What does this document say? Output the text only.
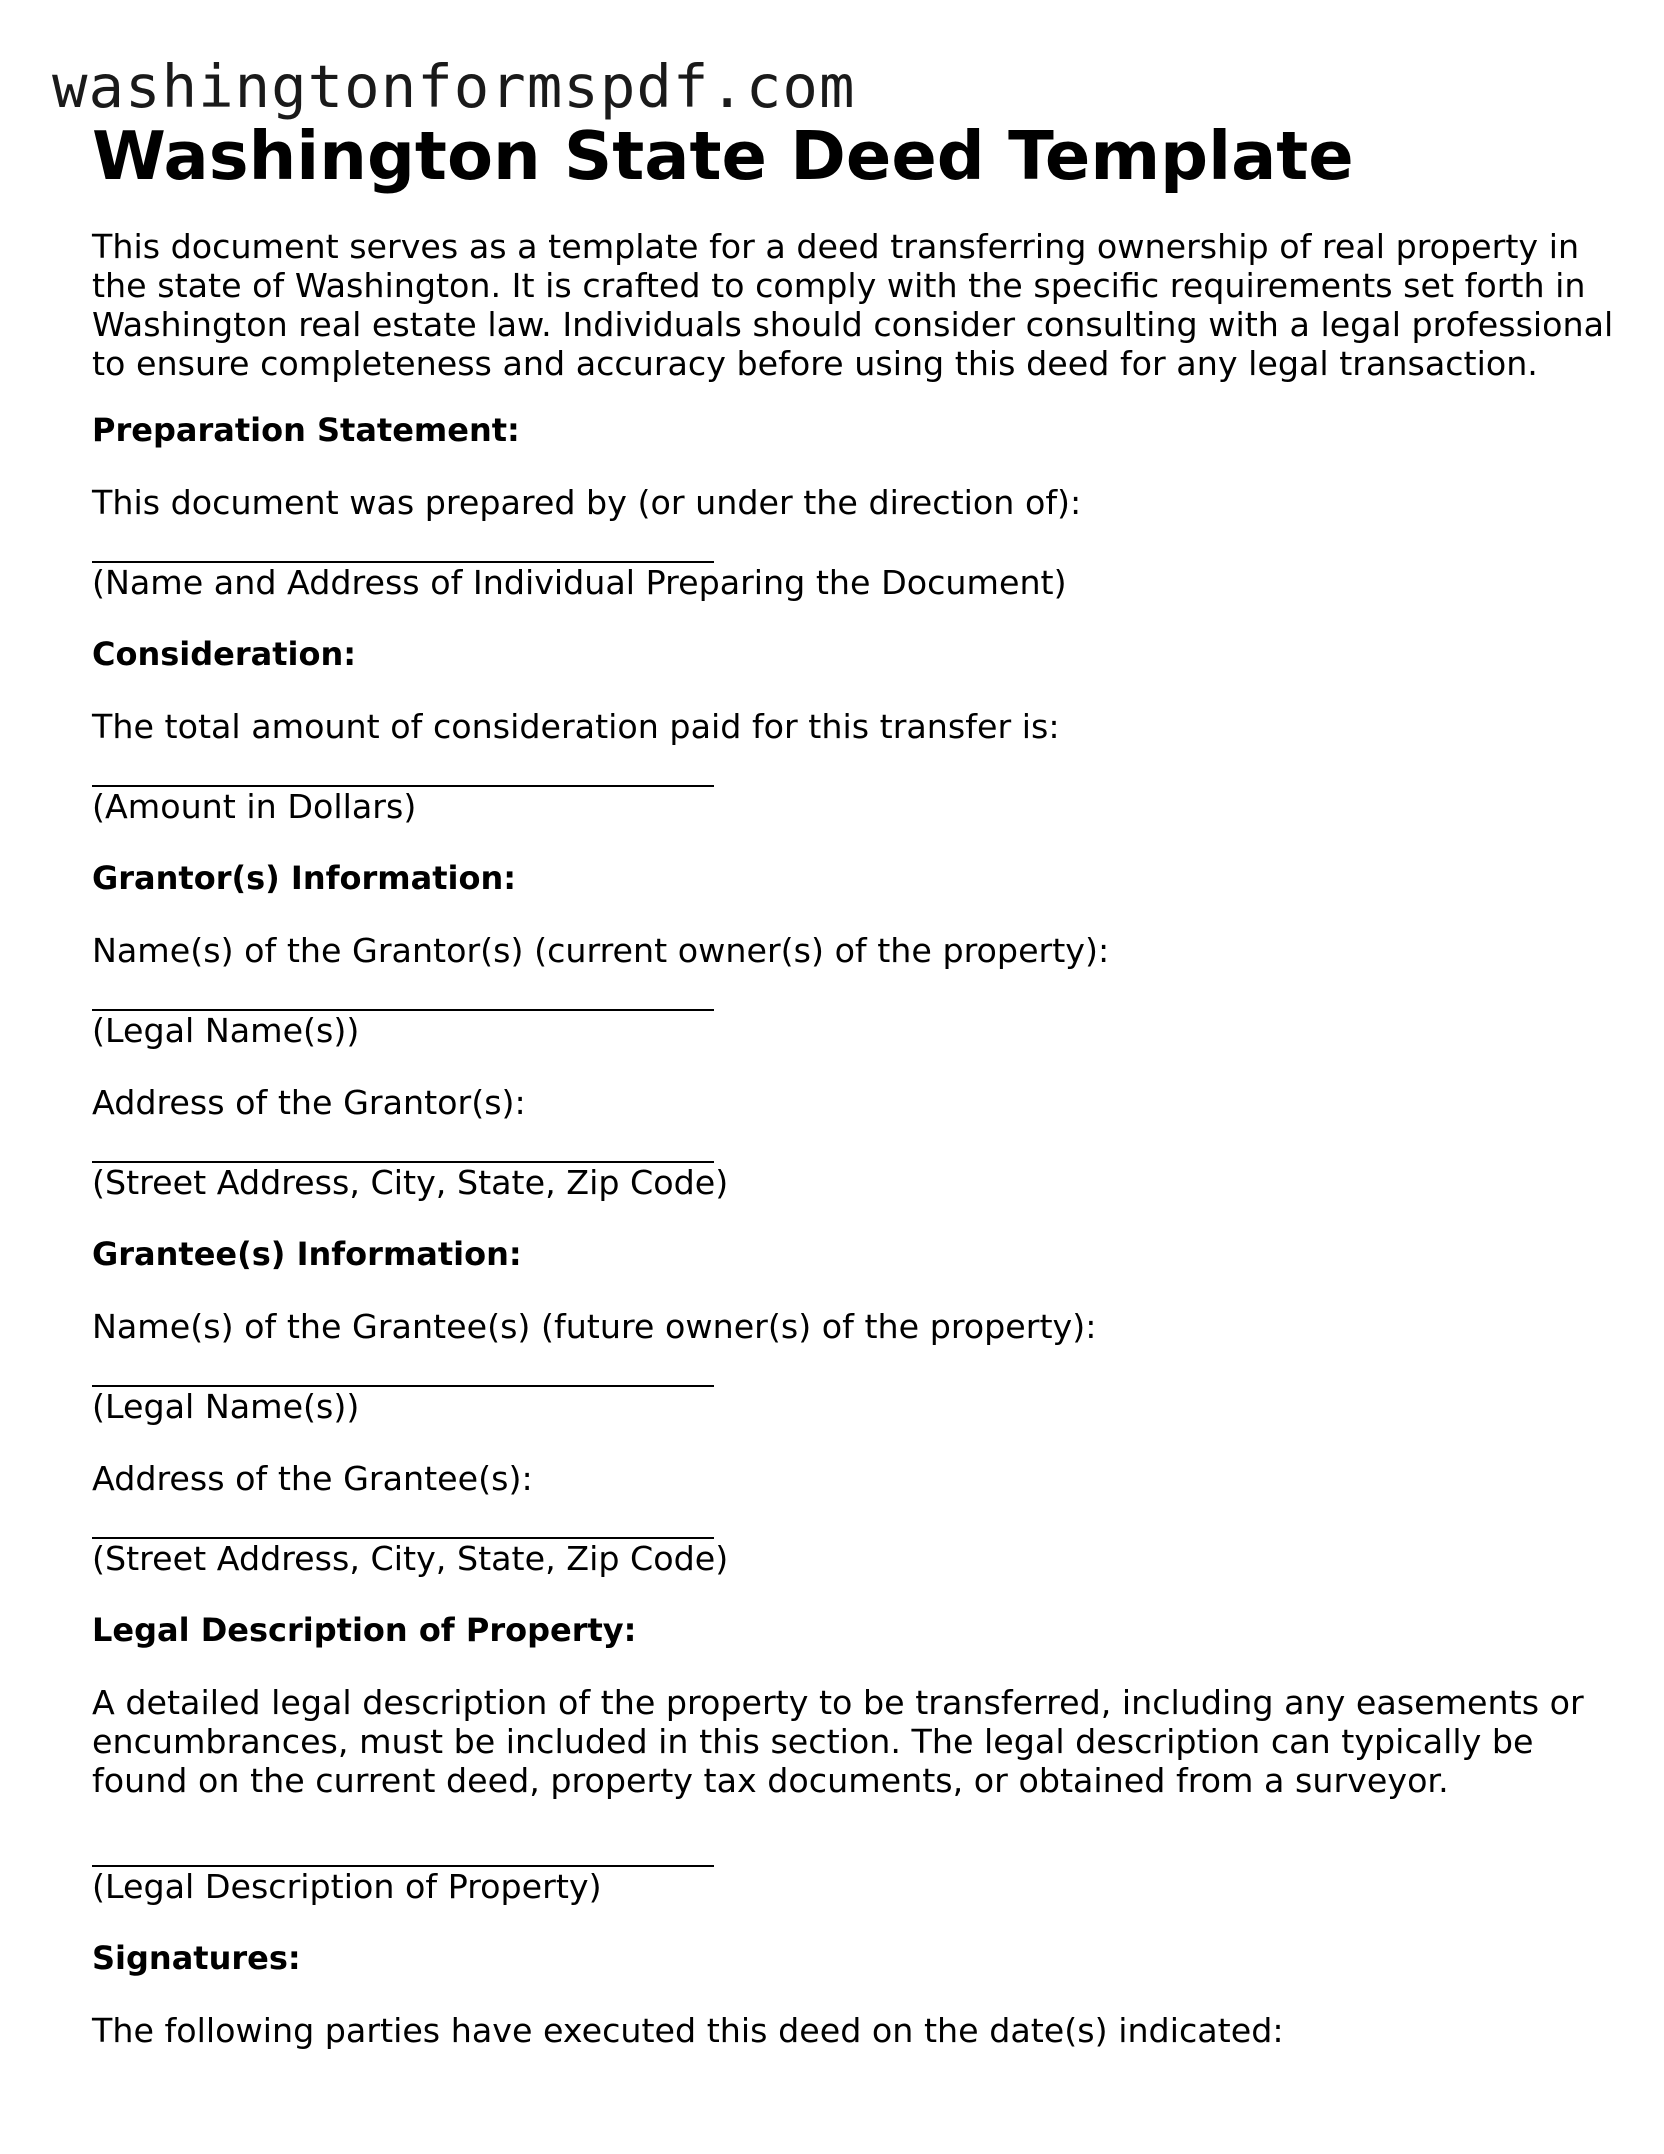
washingtonformspdf.com
Washington State Deed Template
This document serves as a template for a deed transferring ownership of real property in
the state of Washington. It is crafted to comply with the specific requirements set forth in
Washington real estate law. Individuals should consider consulting with a legal professional
to ensure completeness and accuracy before using this deed for any legal transaction.
Preparation Statement:
This document was prepared by (or under the direction of):
(Name and Address of Individual Preparing the Document)
Consideration:
The total amount of consideration paid for this transfer is:
(Amount in Dollars)
Grantor(s) Information:
Name(s) of the Grantor(s) (current owner(s) of the property):
(Legal Name(s))
Address of the Grantor(s):
(Street Address, City, State, Zip Code)
Grantee(s) Information:
Name(s) of the Grantee(s) (future owner(s) of the property):
(Legal Name(s))
Address of the Grantee(s):
(Street Address, City, State, Zip Code)
Legal Description of Property:
A detailed legal description of the property to be transferred, including any easements or
encumbrances, must be included in this section. The legal description can typically be
found on the current deed, property tax documents, or obtained from a surveyor.
(Legal Description of Property)
Signatures:
The following parties have executed this deed on the date(s) indicated:
